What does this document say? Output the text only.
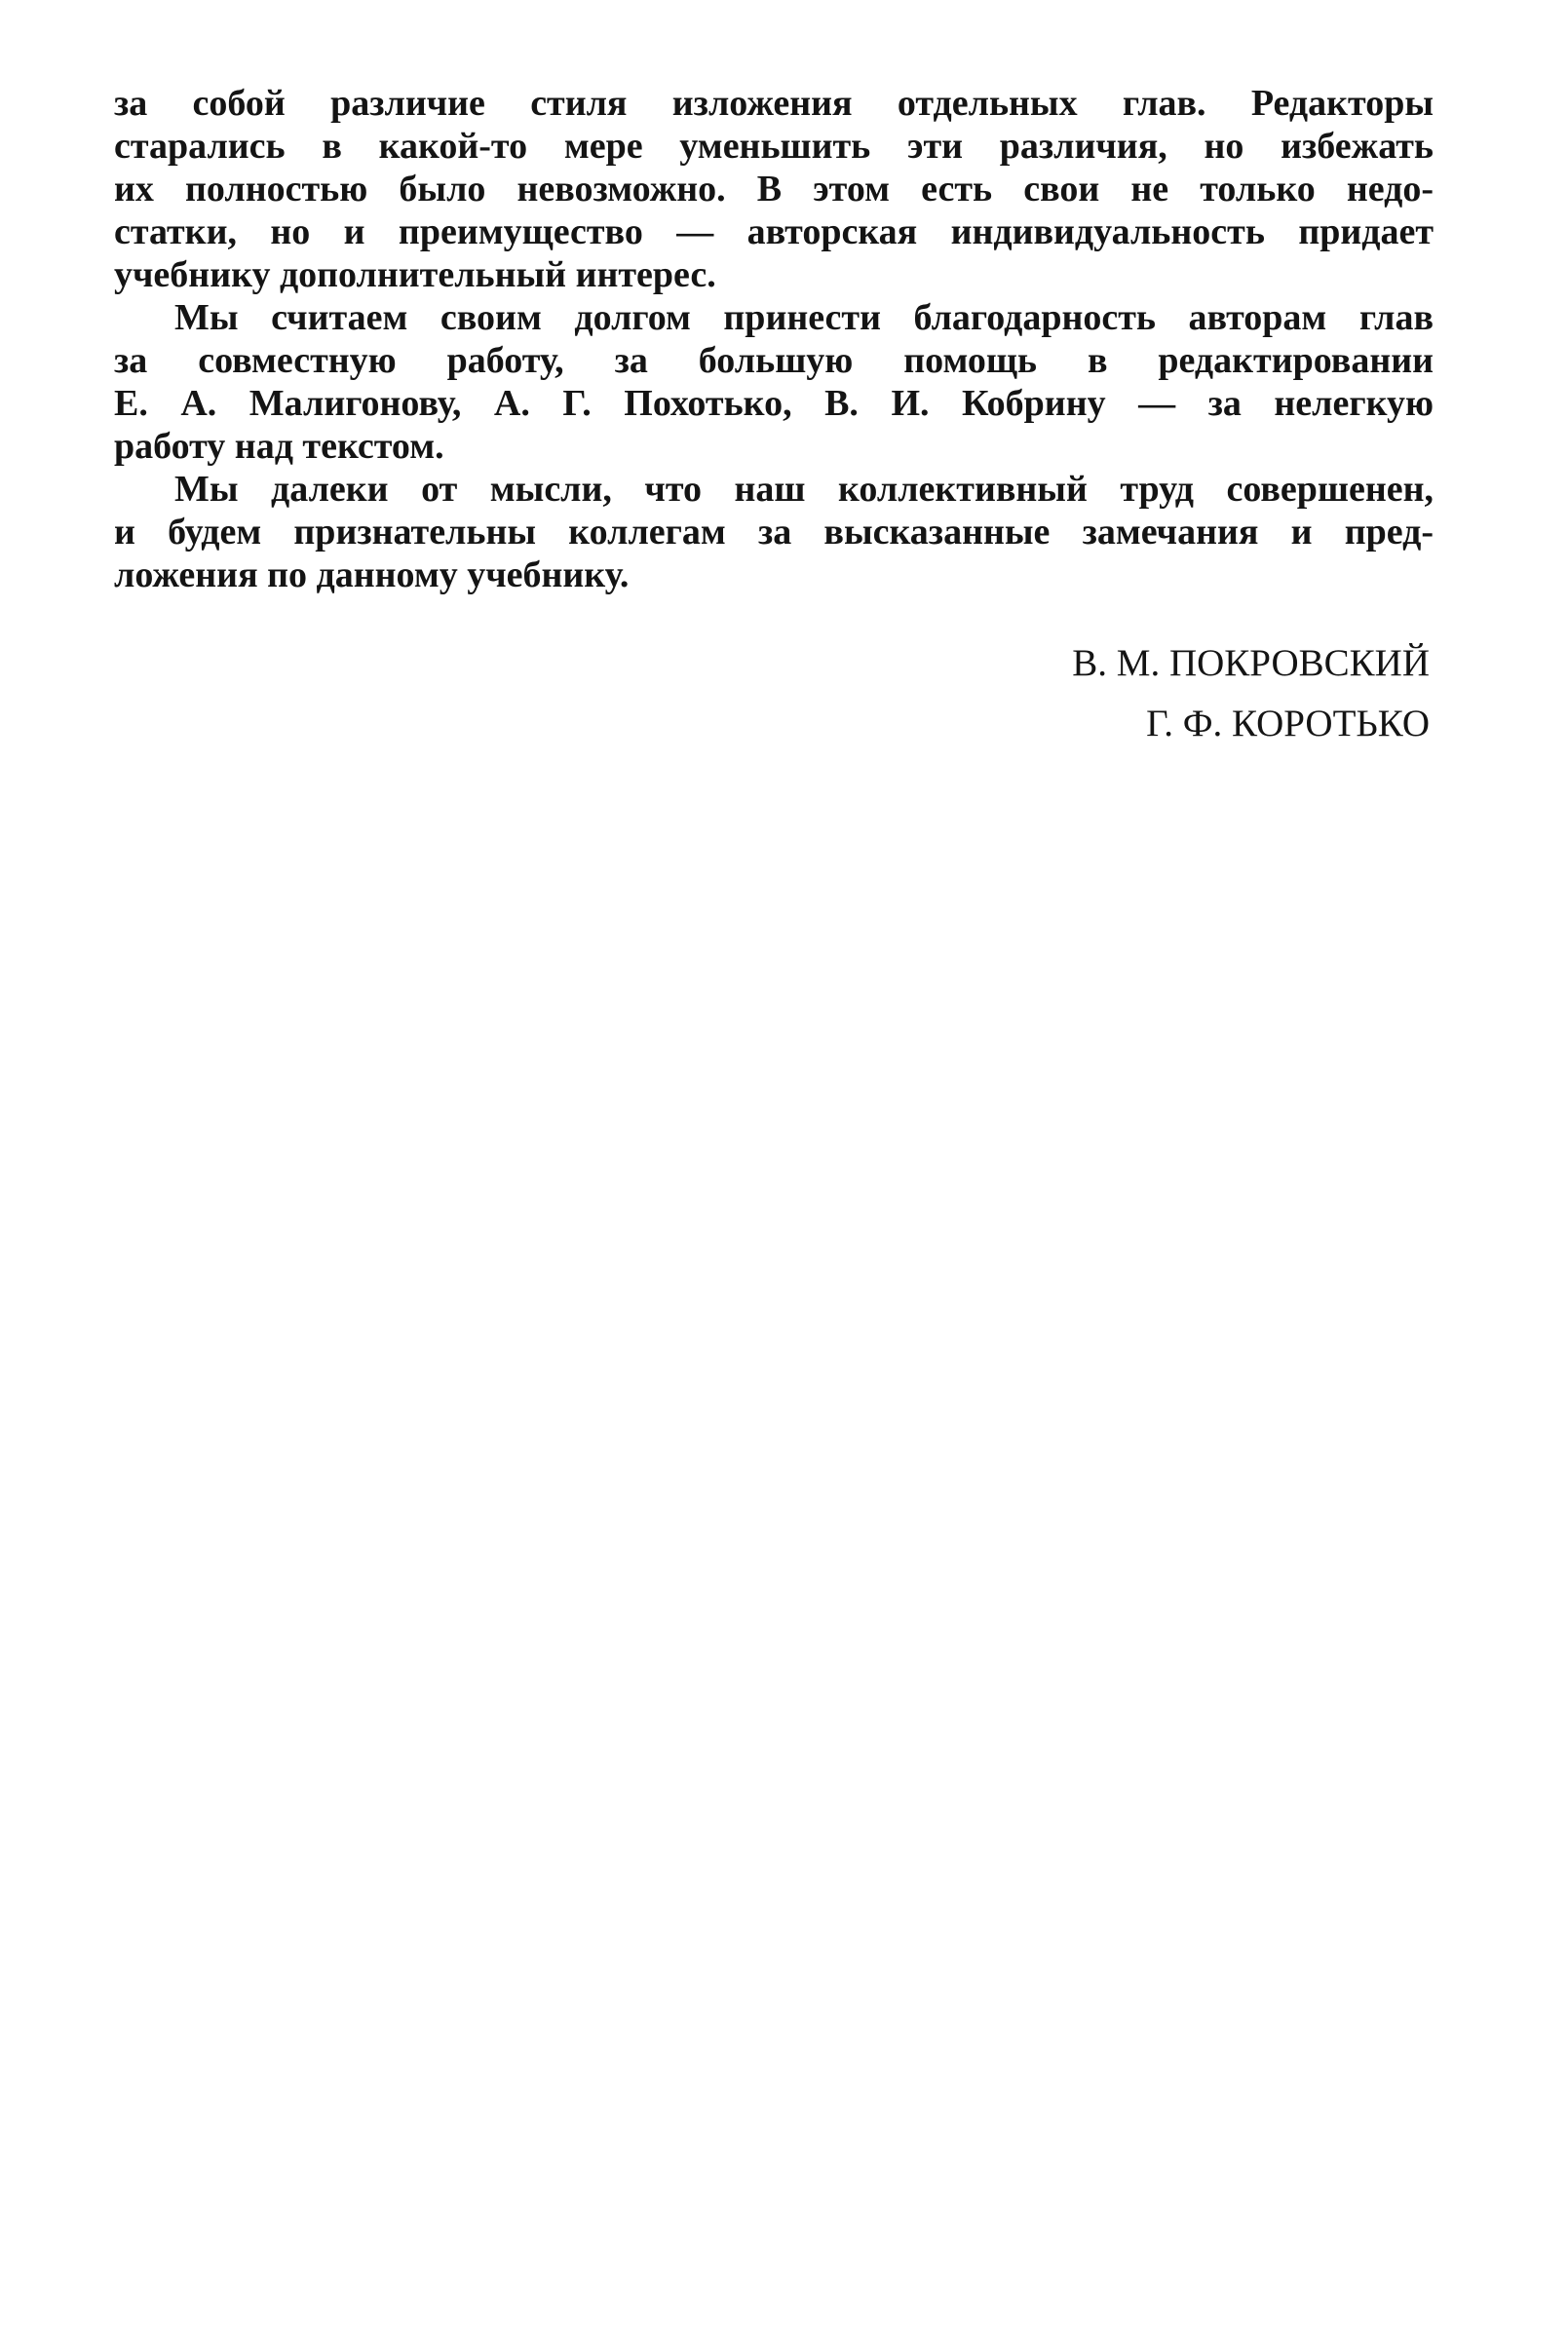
за собой различие стиля изложения отдельных глав. Редакторы
старались в какой-то мере уменьшить эти различия, но избежать
их полностью было невозможно. В этом есть свои не только недо-
статки, но и преимущество — авторская индивидуальность придает
учебнику дополнительный интерес.
Мы считаем своим долгом принести благодарность авторам глав
за совместную работу, за большую помощь в редактировании
Е. А. Малигонову, А. Г. Похотько, В. И. Кобрину — за нелегкую
работу над текстом.
Мы далеки от мысли, что наш коллективный труд совершенен,
и будем признательны коллегам за высказанные замечания и пред-
ложения по данному учебнику.
В. М. ПОКРОВСКИЙ
Г. Ф. КОРОТЬКО
